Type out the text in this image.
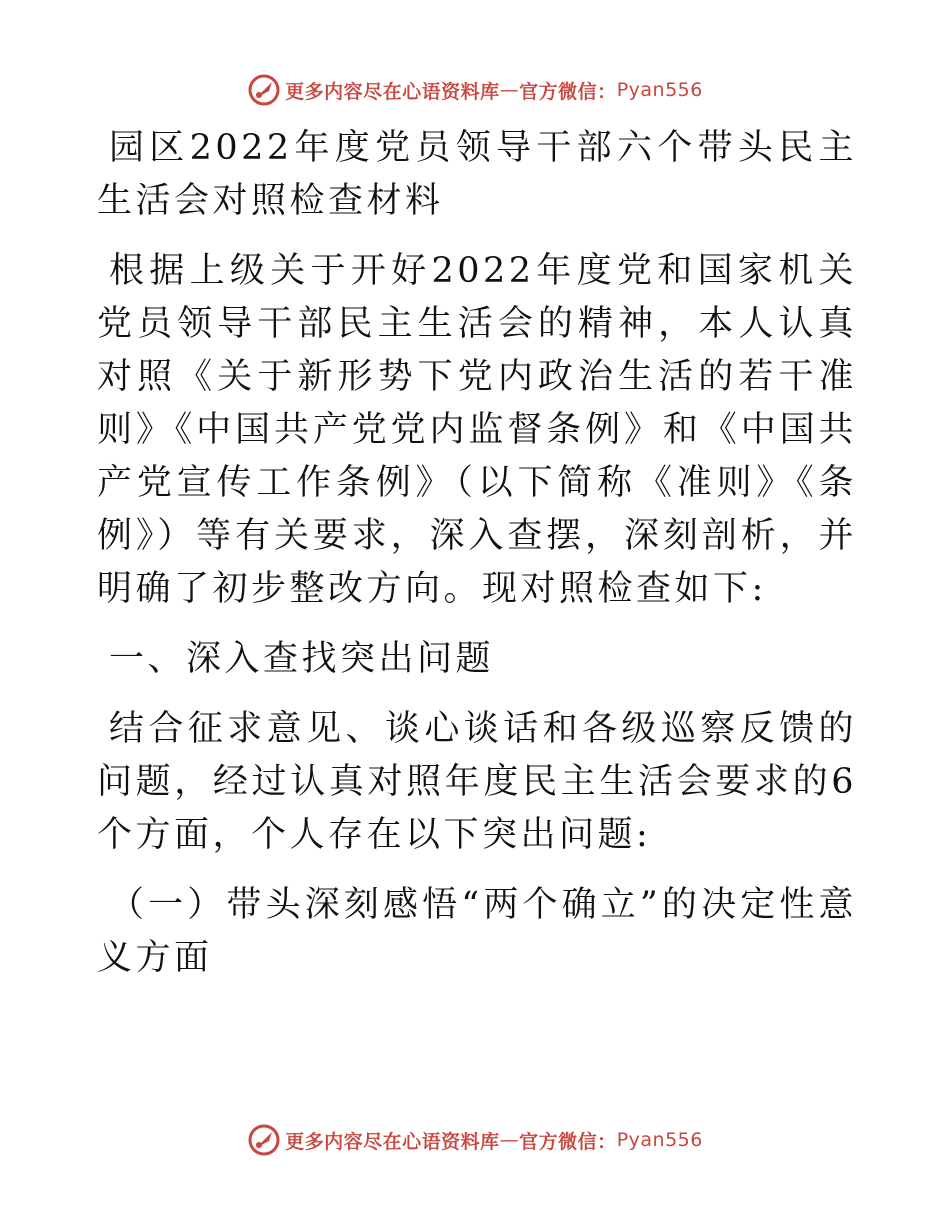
更多内容尽在心语资料库 — 官方微信： Pyan556

园区2022年度党员领导干部六个带头民主生活会对照检查材料

根据上级关于开好2022年度党和国家机关党员领导干部民主生活会的精神，本人认真对照《关于新形势下党内政治生活的若干准则》《中国共产党党内监督条例》和《中国共产党宣传工作条例》（以下简称《准则》《条例》）等有关要求，深入查摆，深刻剖析，并明确了初步整改方向。现对照检查如下:

一、深入查找突出问题

结合征求意见、谈心谈话和各级巡察反馈的问题，经过认真对照年度民主生活会要求的6个方面，个人存在以下突出问题:

（一）带头深刻感悟“两个确立”的决定性意义方面

更多内容尽在心语资料库 — 官方微信： Pyan556
